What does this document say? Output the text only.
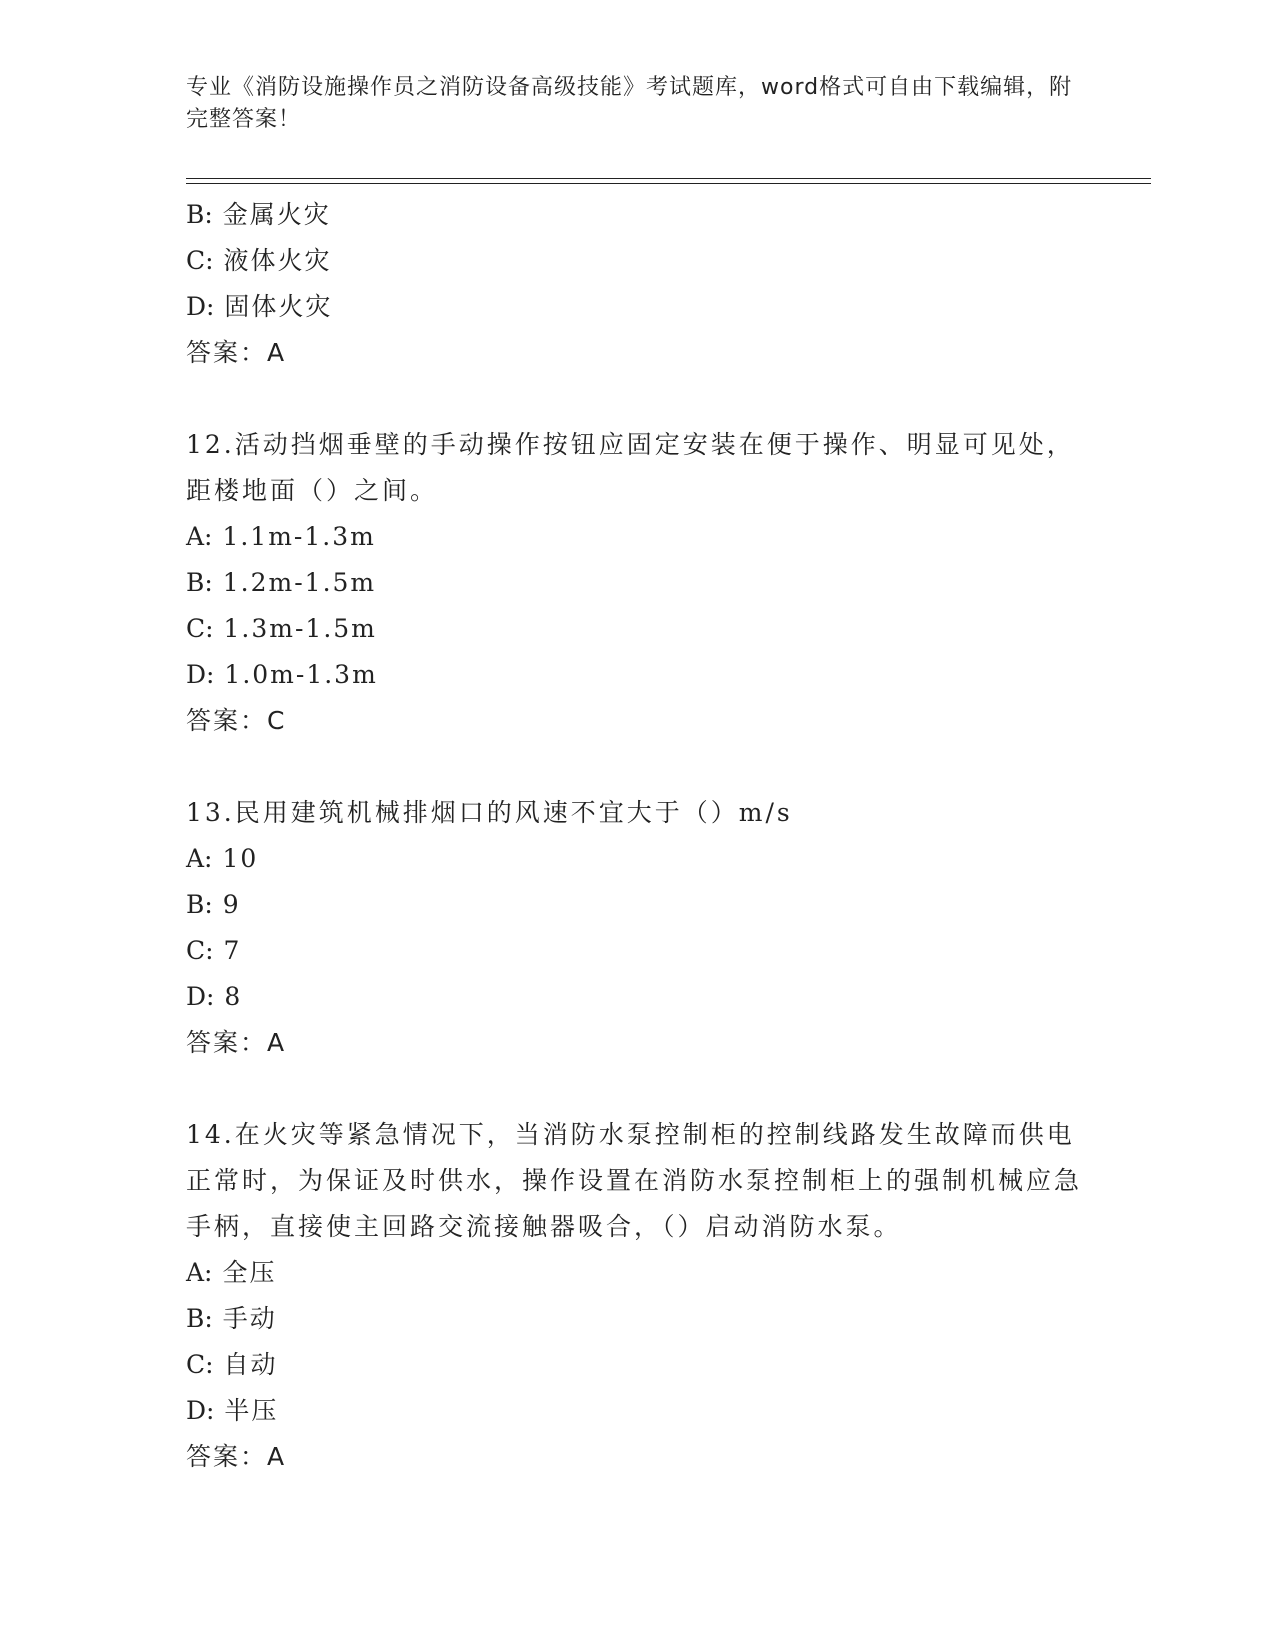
专业《消防设施操作员之消防设备高级技能》考试题库，word格式可自由下载编辑，附完整答案！
B: 金属火灾
C: 液体火灾
D: 固体火灾
答案：A
12.活动挡烟垂壁的手动操作按钮应固定安装在便于操作、明显可见处，距楼地面（）之间。
A: 1.1m-1.3m
B: 1.2m-1.5m
C: 1.3m-1.5m
D: 1.0m-1.3m
答案：C
13.民用建筑机械排烟口的风速不宜大于（）m/s
A: 10
B: 9
C: 7
D: 8
答案：A
14.在火灾等紧急情况下，当消防水泵控制柜的控制线路发生故障而供电正常时，为保证及时供水，操作设置在消防水泵控制柜上的强制机械应急手柄，直接使主回路交流接触器吸合，（）启动消防水泵。
A: 全压
B: 手动
C: 自动
D: 半压
答案：A
